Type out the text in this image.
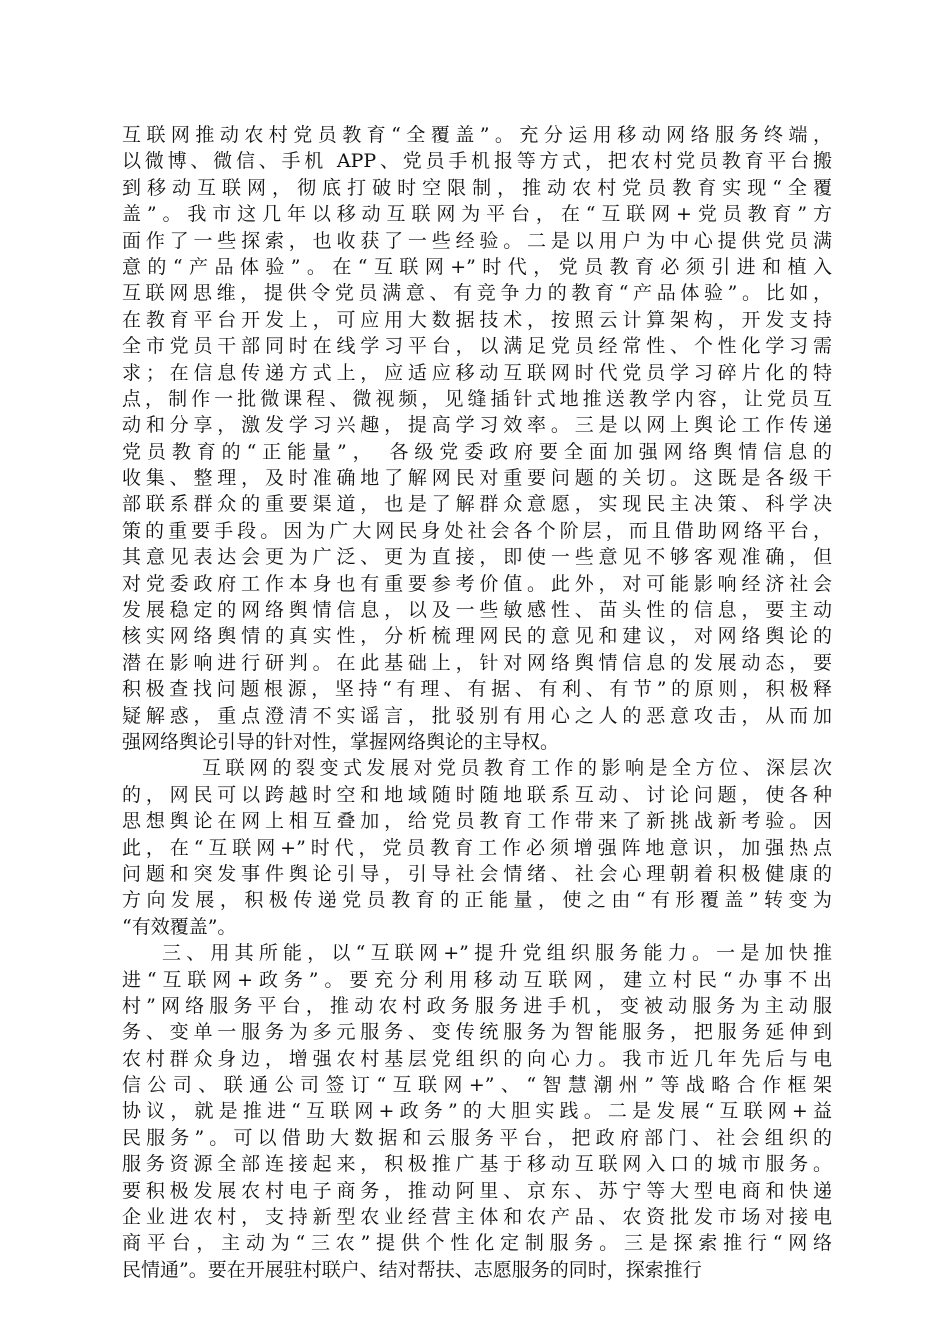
互联网推动农村党员教育“全覆盖”。充分运用移动网络服务终端，
以微博、微信、手机 APP、党员手机报等方式，把农村党员教育平台搬
到移动互联网，彻底打破时空限制，推动农村党员教育实现“全覆
盖”。我市这几年以移动互联网为平台，在“互联网+党员教育”方
面作了一些探索，也收获了一些经验。二是以用户为中心提供党员满
意的“产品体验”。在“互联网+”时代，党员教育必须引进和植入
互联网思维，提供令党员满意、有竞争力的教育“产品体验”。比如，
在教育平台开发上，可应用大数据技术，按照云计算架构，开发支持
全市党员干部同时在线学习平台，以满足党员经常性、个性化学习需
求；在信息传递方式上，应适应移动互联网时代党员学习碎片化的特
点，制作一批微课程、微视频，见缝插针式地推送教学内容，让党员互
动和分享，激发学习兴趣，提高学习效率。三是以网上舆论工作传递
党员教育的“正能量”， 各级党委政府要全面加强网络舆情信息的
收集、整理，及时准确地了解网民对重要问题的关切。这既是各级干
部联系群众的重要渠道，也是了解群众意愿，实现民主决策、科学决
策的重要手段。因为广大网民身处社会各个阶层，而且借助网络平台，
其意见表达会更为广泛、更为直接，即使一些意见不够客观准确，但
对党委政府工作本身也有重要参考价值。此外，对可能影响经济社会
发展稳定的网络舆情信息，以及一些敏感性、苗头性的信息，要主动
核实网络舆情的真实性，分析梳理网民的意见和建议，对网络舆论的
潜在影响进行研判。在此基础上，针对网络舆情信息的发展动态，要
积极查找问题根源，坚持“有理、有据、有利、有节”的原则，积极释
疑解惑，重点澄清不实谣言，批驳别有用心之人的恶意攻击，从而加
强网络舆论引导的针对性，掌握网络舆论的主导权。
互联网的裂变式发展对党员教育工作的影响是全方位、深层次
的，网民可以跨越时空和地域随时随地联系互动、讨论问题，使各种
思想舆论在网上相互叠加，给党员教育工作带来了新挑战新考验。因
此，在“互联网+”时代，党员教育工作必须增强阵地意识，加强热点
问题和突发事件舆论引导，引导社会情绪、社会心理朝着积极健康的
方向发展，积极传递党员教育的正能量，使之由“有形覆盖”转变为
“有效覆盖”。
三、用其所能，以“互联网+”提升党组织服务能力。一是加快推
进“互联网+政务”。要充分利用移动互联网，建立村民“办事不出
村”网络服务平台，推动农村政务服务进手机，变被动服务为主动服
务、变单一服务为多元服务、变传统服务为智能服务，把服务延伸到
农村群众身边，增强农村基层党组织的向心力。我市近几年先后与电
信公司、联通公司签订“互联网+”、“智慧潮州”等战略合作框架
协议，就是推进“互联网+政务”的大胆实践。二是发展“互联网+益
民服务”。可以借助大数据和云服务平台，把政府部门、社会组织的
服务资源全部连接起来，积极推广基于移动互联网入口的城市服务。
要积极发展农村电子商务，推动阿里、京东、苏宁等大型电商和快递
企业进农村，支持新型农业经营主体和农产品、农资批发市场对接电
商平台，主动为“三农”提供个性化定制服务。三是探索推行“网络
民情通”。要在开展驻村联户、结对帮扶、志愿服务的同时，探索推行
